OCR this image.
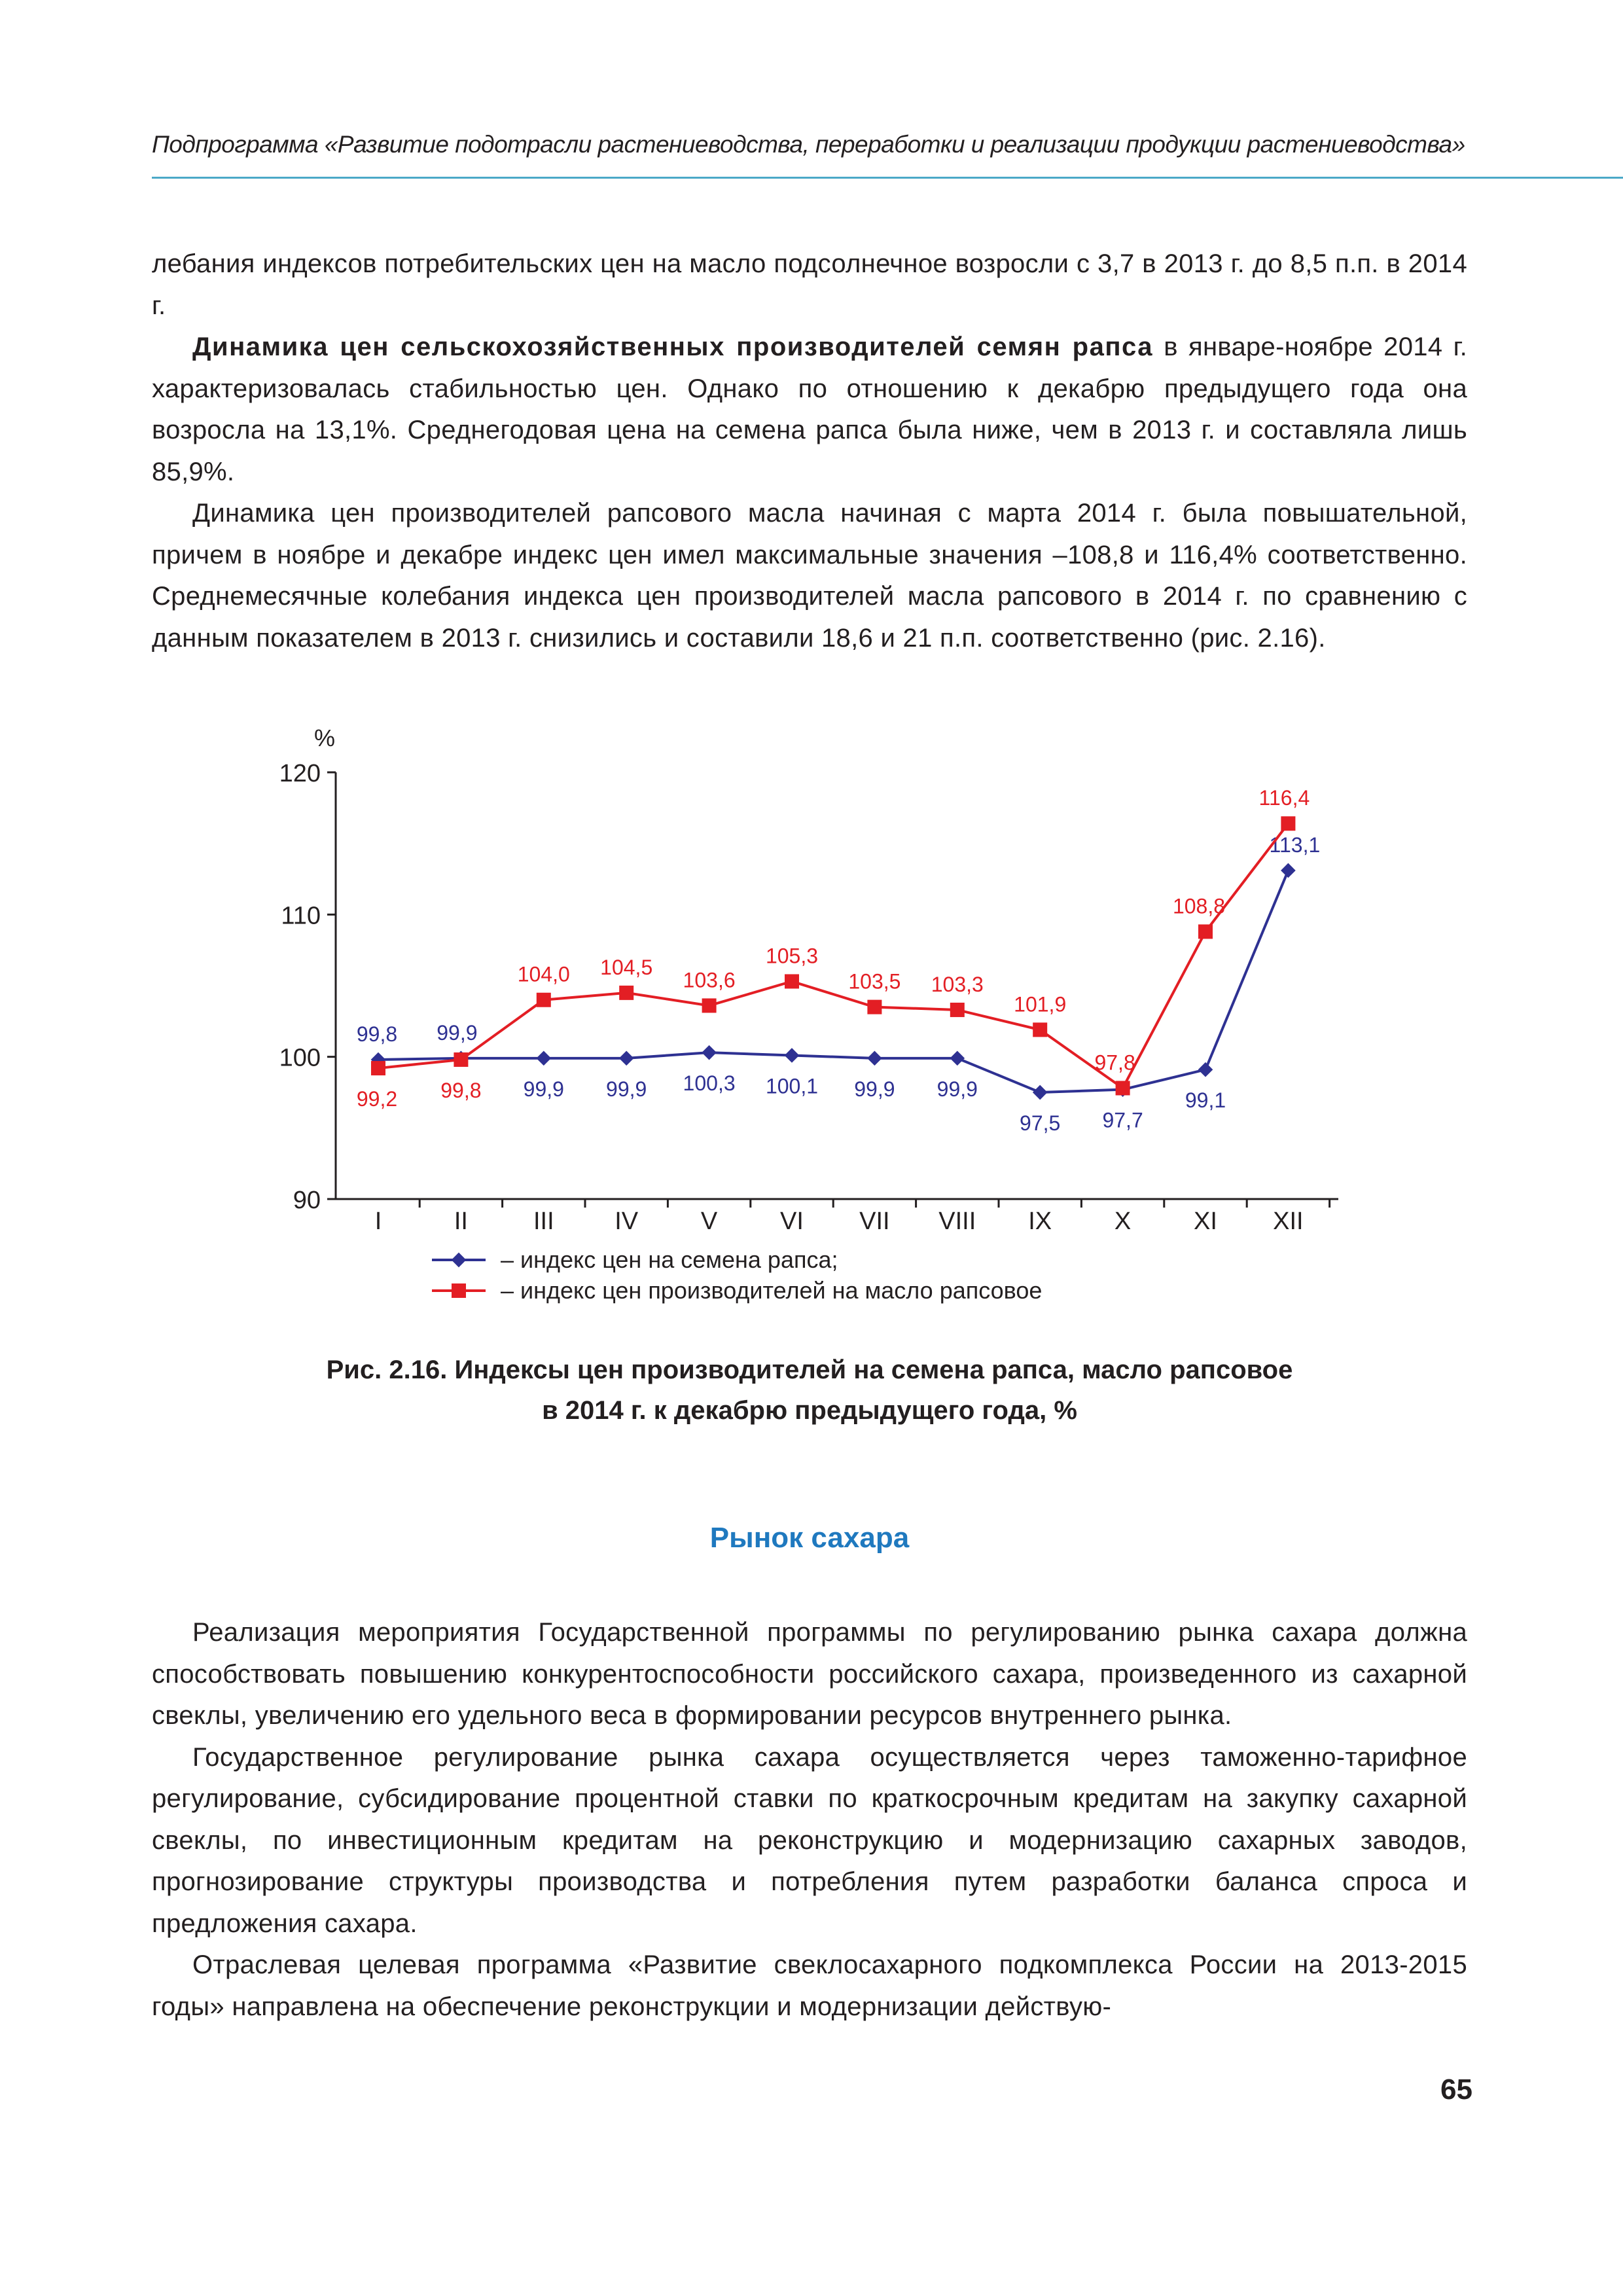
Подпрограмма «Развитие подотрасли растениеводства, переработки и реализации продукции растениеводства»

лебания индексов потребительских цен на масло подсолнечное возросли с 3,7 в 2013 г. до 8,5 п.п. в 2014 г.

Динамика цен сельскохозяйственных производителей семян рапса в январе-ноябре 2014 г. характеризовалась стабильностью цен. Однако по отношению к декабрю предыдущего года она возросла на 13,1%. Среднегодовая цена на семена рапса была ниже, чем в 2013 г. и составляла лишь 85,9%.

Динамика цен производителей рапсового масла начиная с марта 2014 г. была повышательной, причем в ноябре и декабре индекс цен имел максимальные значения –108,8 и 116,4% соответственно. Среднемесячные колебания индекса цен производителей масла рапсового в 2014 г. по сравнению с данным показателем в 2013 г. снизились и составили 18,6 и 21 п.п. соответственно (рис. 2.16).

%
120
110
100
90
I	II	III IV	V	VI VII VIII IX	X	XI XII
99,8 99,9
99,9 99,9 100,3 100,1 99,9 99,9
97,5 97,7
99,1
113,1
99,2 99,8
104,0 104,5
103,6
105,3
103,5 103,3
101,9
97,8
108,8
116,4
– индекс цен на семена рапса;
– индекс цен производителей на масло рапсовое
Рис. 2.16. Индексы цен производителей на семена рапса, масло рапсовое
в 2014 г. к декабрю предыдущего года, %
Рынок сахара

Реализация мероприятия Государственной программы по регулированию рынка сахара должна способствовать повышению конкурентоспособности российского сахара, произведенного из сахарной свеклы, увеличению его удельного веса в формировании ресурсов внутреннего рынка.

Государственное регулирование рынка сахара осуществляется через таможенно-тарифное регулирование, субсидирование процентной ставки по краткосрочным кредитам на закупку сахарной свеклы, по инвестиционным кредитам на реконструкцию и модернизацию сахарных заводов, прогнозирование структуры производства и потребления путем разработки баланса спроса и предложения сахара.

Отраслевая целевая программа «Развитие свеклосахарного подкомплекса России на 2013-2015 годы» направлена на обеспечение реконструкции и модернизации действую-

65
